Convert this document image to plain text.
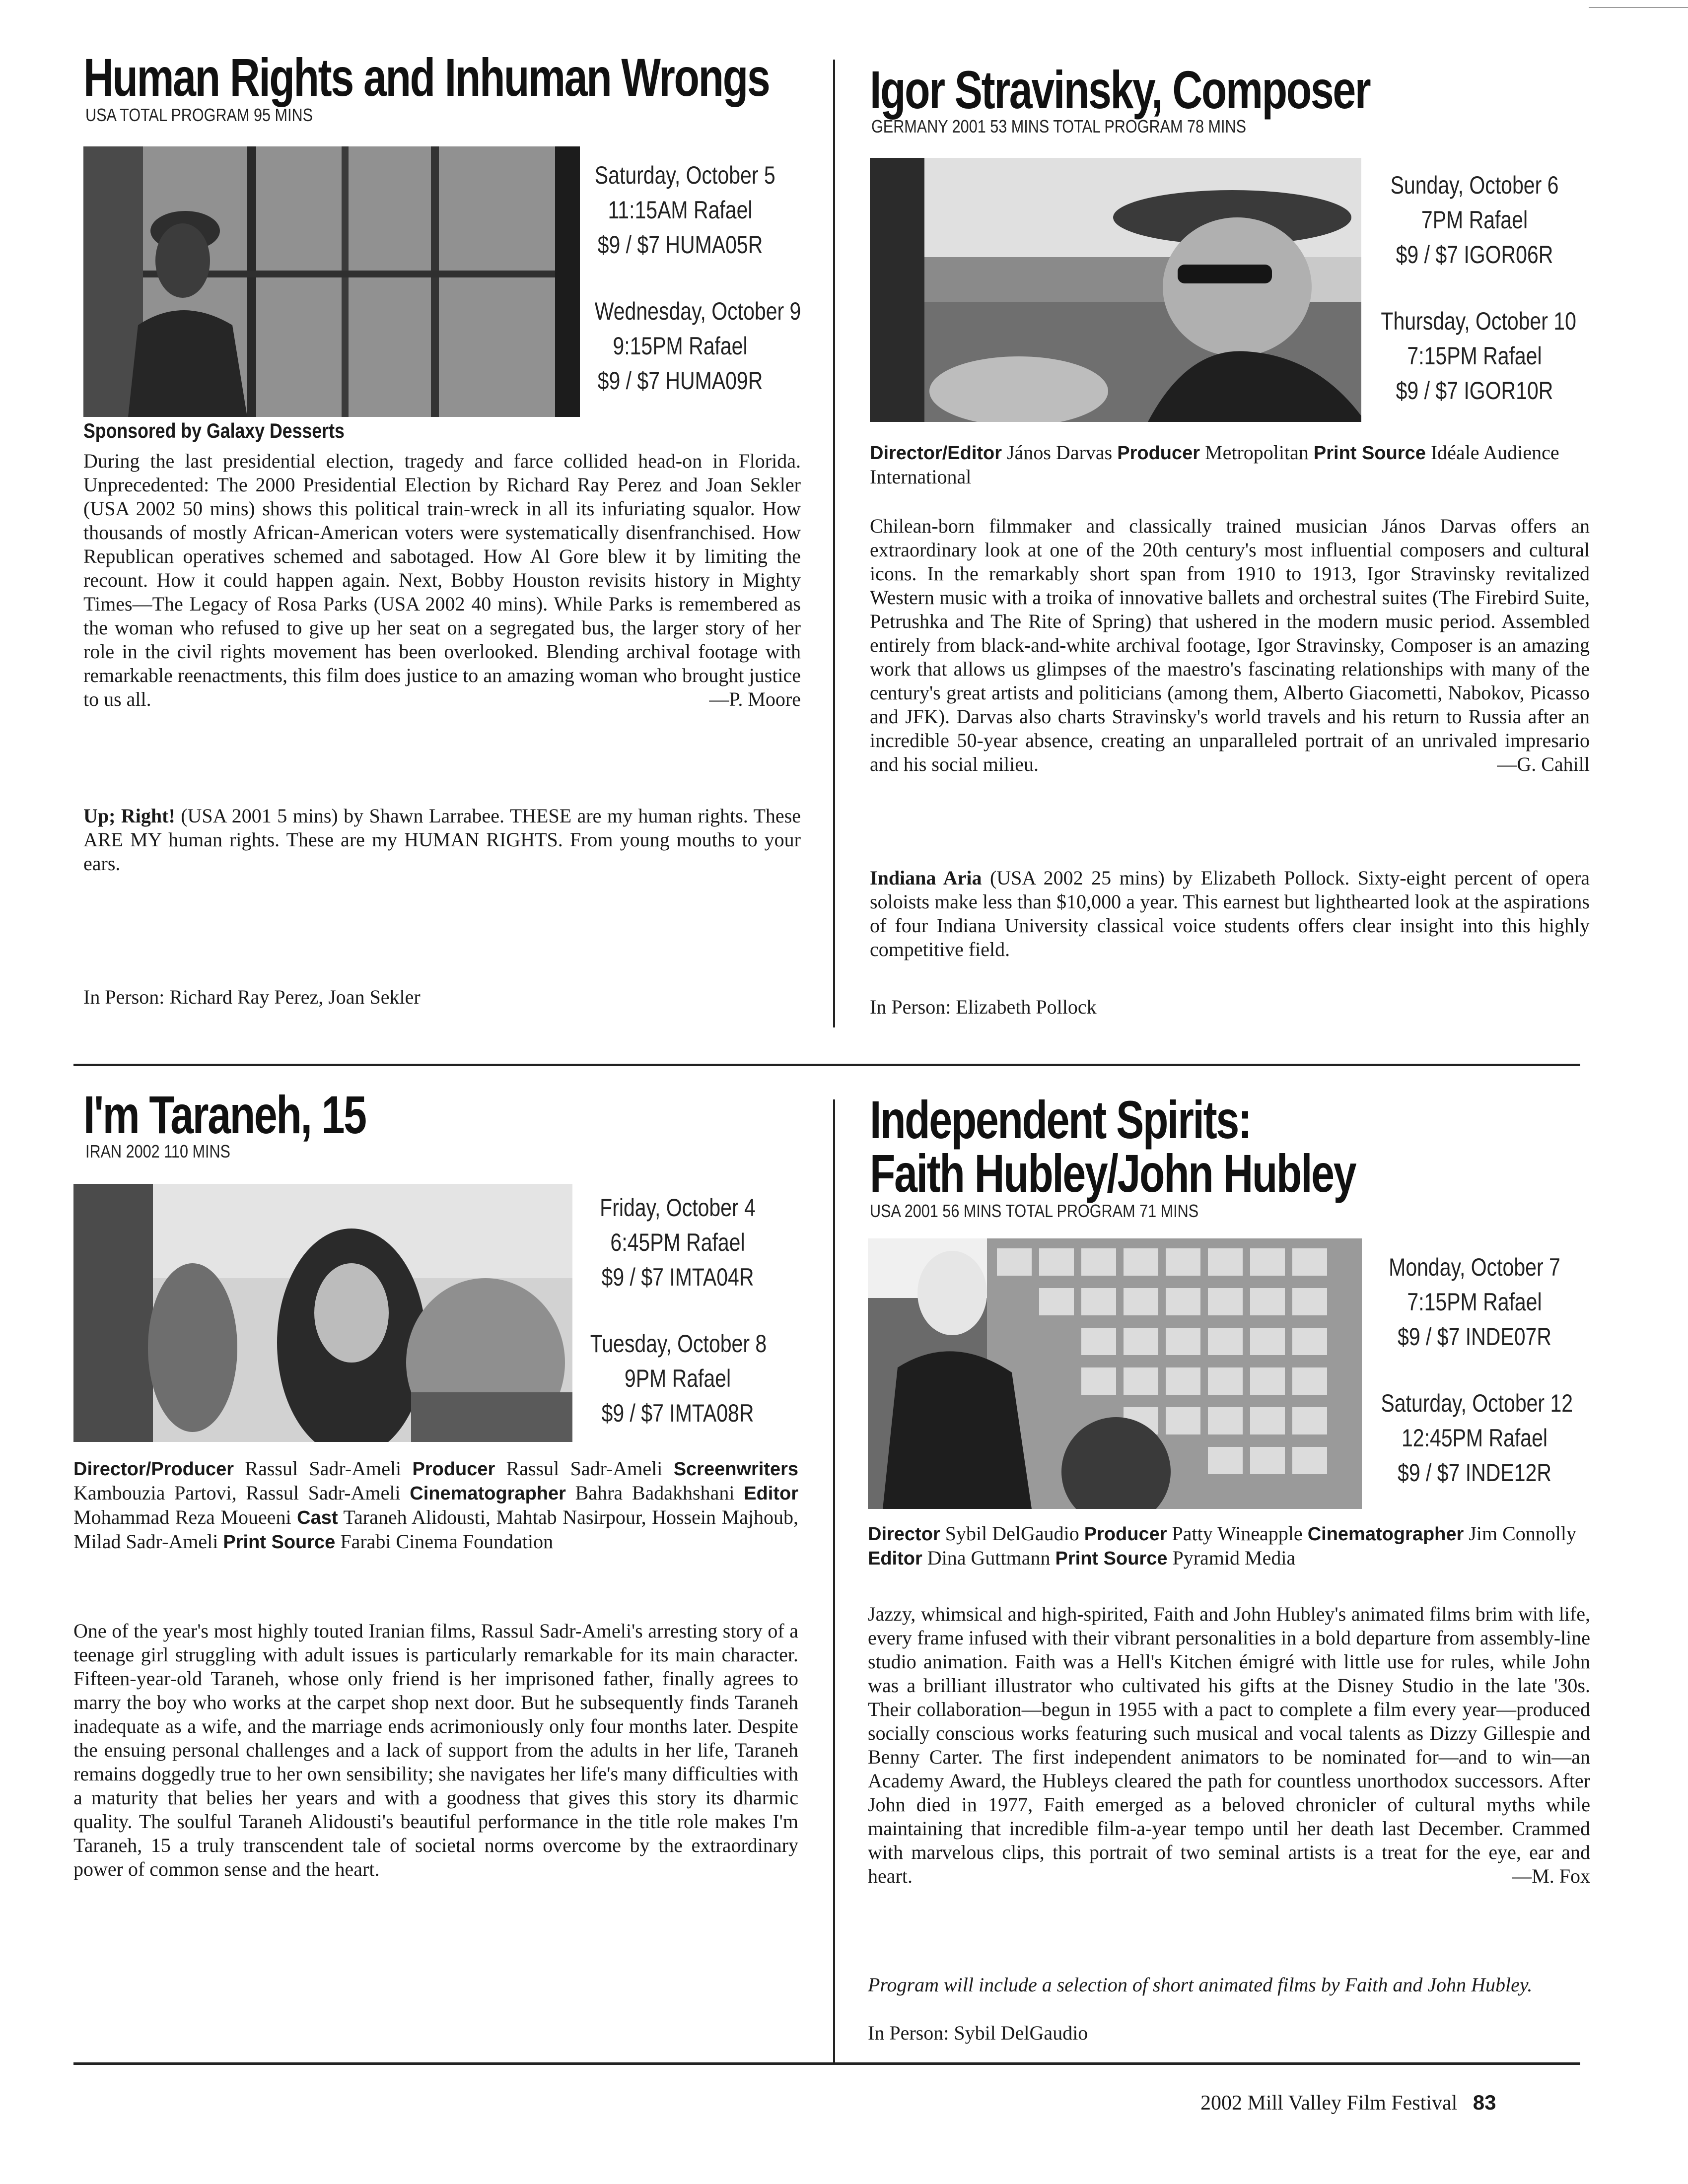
Human Rights and Inhuman Wrongs
USA TOTAL PROGRAM 95 MINS
Saturday, October 5
11:15AM Rafael
$9 / $7 HUMA05R
Wednesday, October 9
9:15PM Rafael
$9 / $7 HUMA09R
Sponsored by Galaxy Desserts

During the last presidential election, tragedy and farce collided head-on in Florida. Unprecedented: The 2000 Presidential Election by Richard Ray Perez and Joan Sekler (USA 2002 50 mins) shows this political train-wreck in all its infuriating squalor. How thousands of mostly African-American voters were systematically disenfranchised. How Republican operatives schemed and sabotaged. How Al Gore blew it by limiting the recount. How it could happen again. Next, Bobby Houston revisits history in Mighty Times—The Legacy of Rosa Parks (USA 2002 40 mins). While Parks is remembered as the woman who refused to give up her seat on a segregated bus, the larger story of her role in the civil rights movement has been overlooked. Blending archival footage with remarkable reenactments, this film does justice to an amazing woman who brought justice to us all.	—P. Moore

Up; Right! (USA 2001 5 mins) by Shawn Larrabee. THESE are my human rights. These ARE MY human rights. These are my HUMAN RIGHTS. From young mouths to your ears.

In Person: Richard Ray Perez, Joan Sekler

Igor Stravinsky, Composer
GERMANY 2001 53 MINS TOTAL PROGRAM 78 MINS
Sunday, October 6
7PM Rafael
$9 / $7 IGOR06R
Thursday, October 10
7:15PM Rafael
$9 / $7 IGOR10R

Director/Editor János Darvas Producer Metropolitan Print Source Idéale Audience International

Chilean-born filmmaker and classically trained musician János Darvas offers an extraordinary look at one of the 20th century's most influential composers and cultural icons. In the remarkably short span from 1910 to 1913, Igor Stravinsky revitalized Western music with a troika of innovative ballets and orchestral suites (The Firebird Suite, Petrushka and The Rite of Spring) that ushered in the modern music period. Assembled entirely from black-and-white archival footage, Igor Stravinsky, Composer is an amazing work that allows us glimpses of the maestro's fascinating relationships with many of the century's great artists and politicians (among them, Alberto Giacometti, Nabokov, Picasso and JFK). Darvas also charts Stravinsky's world travels and his return to Russia after an incredible 50-year absence, creating an unparalleled portrait of an unrivaled impresario and his social milieu.	—G. Cahill

Indiana Aria (USA 2002 25 mins) by Elizabeth Pollock. Sixty-eight percent of opera soloists make less than $10,000 a year. This earnest but lighthearted look at the aspirations of four Indiana University classical voice students offers clear insight into this highly competitive field.

In Person: Elizabeth Pollock

I'm Taraneh, 15
IRAN 2002 110 MINS
Friday, October 4
6:45PM Rafael
$9 / $7 IMTA04R
Tuesday, October 8
9PM Rafael
$9 / $7 IMTA08R

Director/Producer Rassul Sadr-Ameli Producer Rassul Sadr-Ameli Screenwriters Kambouzia Partovi, Rassul Sadr-Ameli Cinematographer Bahra Badakhshani Editor Mohammad Reza Moueeni Cast Taraneh Alidousti, Mahtab Nasirpour, Hossein Majhoub, Milad Sadr-Ameli Print Source Farabi Cinema Foundation

One of the year's most highly touted Iranian films, Rassul Sadr-Ameli's arresting story of a teenage girl struggling with adult issues is particularly remarkable for its main character. Fifteen-year-old Taraneh, whose only friend is her imprisoned father, finally agrees to marry the boy who works at the carpet shop next door. But he subsequently finds Taraneh inadequate as a wife, and the marriage ends acrimoniously only four months later. Despite the ensuing personal challenges and a lack of support from the adults in her life, Taraneh remains doggedly true to her own sensibility; she navigates her life's many difficulties with a maturity that belies her years and with a goodness that gives this story its dharmic quality. The soulful Taraneh Alidousti's beautiful performance in the title role makes I'm Taraneh, 15 a truly transcendent tale of societal norms overcome by the extraordinary power of common sense and the heart.

Independent Spirits:
Faith Hubley/John Hubley
USA 2001 56 MINS TOTAL PROGRAM 71 MINS
Monday, October 7
7:15PM Rafael
$9 / $7 INDE07R
Saturday, October 12
12:45PM Rafael
$9 / $7 INDE12R

Director Sybil DelGaudio Producer Patty Wineapple Cinematographer Jim Connolly Editor Dina Guttmann Print Source Pyramid Media

Jazzy, whimsical and high-spirited, Faith and John Hubley's animated films brim with life, every frame infused with their vibrant personalities in a bold departure from assembly-line studio animation. Faith was a Hell's Kitchen émigré with little use for rules, while John was a brilliant illustrator who cultivated his gifts at the Disney Studio in the late '30s. Their collaboration—begun in 1955 with a pact to complete a film every year—produced socially conscious works featuring such musical and vocal talents as Dizzy Gillespie and Benny Carter. The first independent animators to be nominated for—and to win—an Academy Award, the Hubleys cleared the path for countless unorthodox successors. After John died in 1977, Faith emerged as a beloved chronicler of cultural myths while maintaining that incredible film-a-year tempo until her death last December. Crammed with marvelous clips, this portrait of two seminal artists is a treat for the eye, ear and heart.	—M. Fox

Program will include a selection of short animated films by Faith and John Hubley.

In Person: Sybil DelGaudio

2002 Mill Valley Film Festival 83
